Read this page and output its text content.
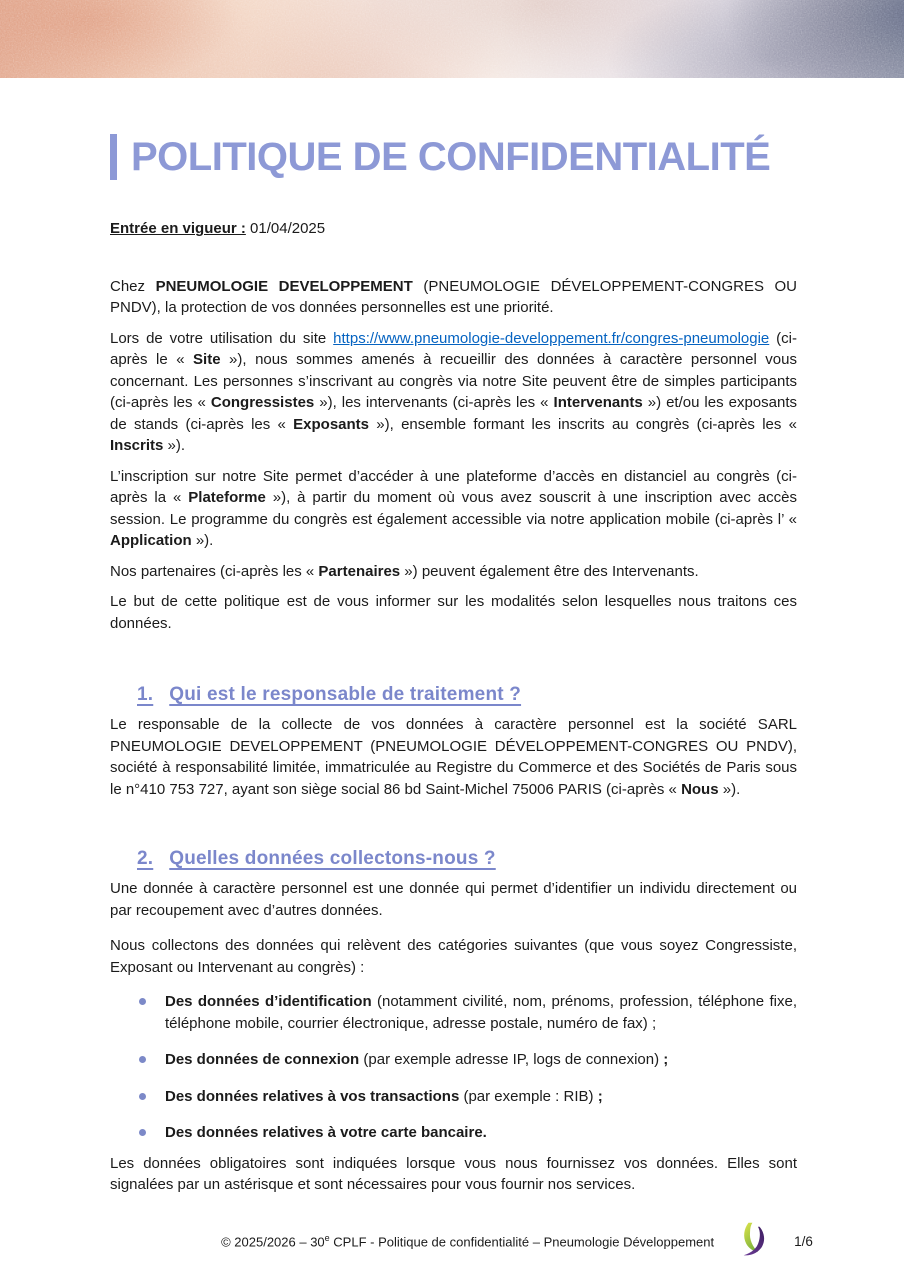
POLITIQUE DE CONFIDENTIALITÉ
Entrée en vigueur : 01/04/2025

Chez PNEUMOLOGIE DEVELOPPEMENT (PNEUMOLOGIE DÉVELOPPEMENT-CONGRES OU PNDV), la protection de vos données personnelles est une priorité.

Lors de votre utilisation du site https://www.pneumologie-developpement.fr/congres-pneumologie (ci-après le « Site »), nous sommes amenés à recueillir des données à caractère personnel vous concernant. Les personnes s’inscrivant au congrès via notre Site peuvent être de simples participants (ci-après les « Congressistes »), les intervenants (ci-après les « Intervenants ») et/ou les exposants de stands (ci-après les « Exposants »), ensemble formant les inscrits au congrès (ci-après les « Inscrits »).

L’inscription sur notre Site permet d’accéder à une plateforme d’accès en distanciel au congrès (ci-après la « Plateforme »), à partir du moment où vous avez souscrit à une inscription avec accès session. Le programme du congrès est également accessible via notre application mobile (ci-après l’ « Application »).

Nos partenaires (ci-après les « Partenaires ») peuvent également être des Intervenants.

Le but de cette politique est de vous informer sur les modalités selon lesquelles nous traitons ces données.

1. Qui est le responsable de traitement ?

Le responsable de la collecte de vos données à caractère personnel est la société SARL PNEUMOLOGIE DEVELOPPEMENT (PNEUMOLOGIE DÉVELOPPEMENT-CONGRES OU PNDV), société à responsabilité limitée, immatriculée au Registre du Commerce et des Sociétés de Paris sous le n°410 753 727, ayant son siège social 86 bd Saint-Michel 75006 PARIS (ci-après « Nous »).

2. Quelles données collectons-nous ?

Une donnée à caractère personnel est une donnée qui permet d’identifier un individu directement ou par recoupement avec d’autres données.

Nous collectons des données qui relèvent des catégories suivantes (que vous soyez Congressiste, Exposant ou Intervenant au congrès) :

Des données d’identification (notamment civilité, nom, prénoms, profession, téléphone fixe, téléphone mobile, courrier électronique, adresse postale, numéro de fax) ;
Des données de connexion (par exemple adresse IP, logs de connexion) ;
Des données relatives à vos transactions (par exemple : RIB) ;
Des données relatives à votre carte bancaire.

Les données obligatoires sont indiquées lorsque vous nous fournissez vos données. Elles sont signalées par un astérisque et sont nécessaires pour vous fournir nos services.

© 2025/2026 – 30e CPLF - Politique de confidentialité – Pneumologie Développement	1/6
